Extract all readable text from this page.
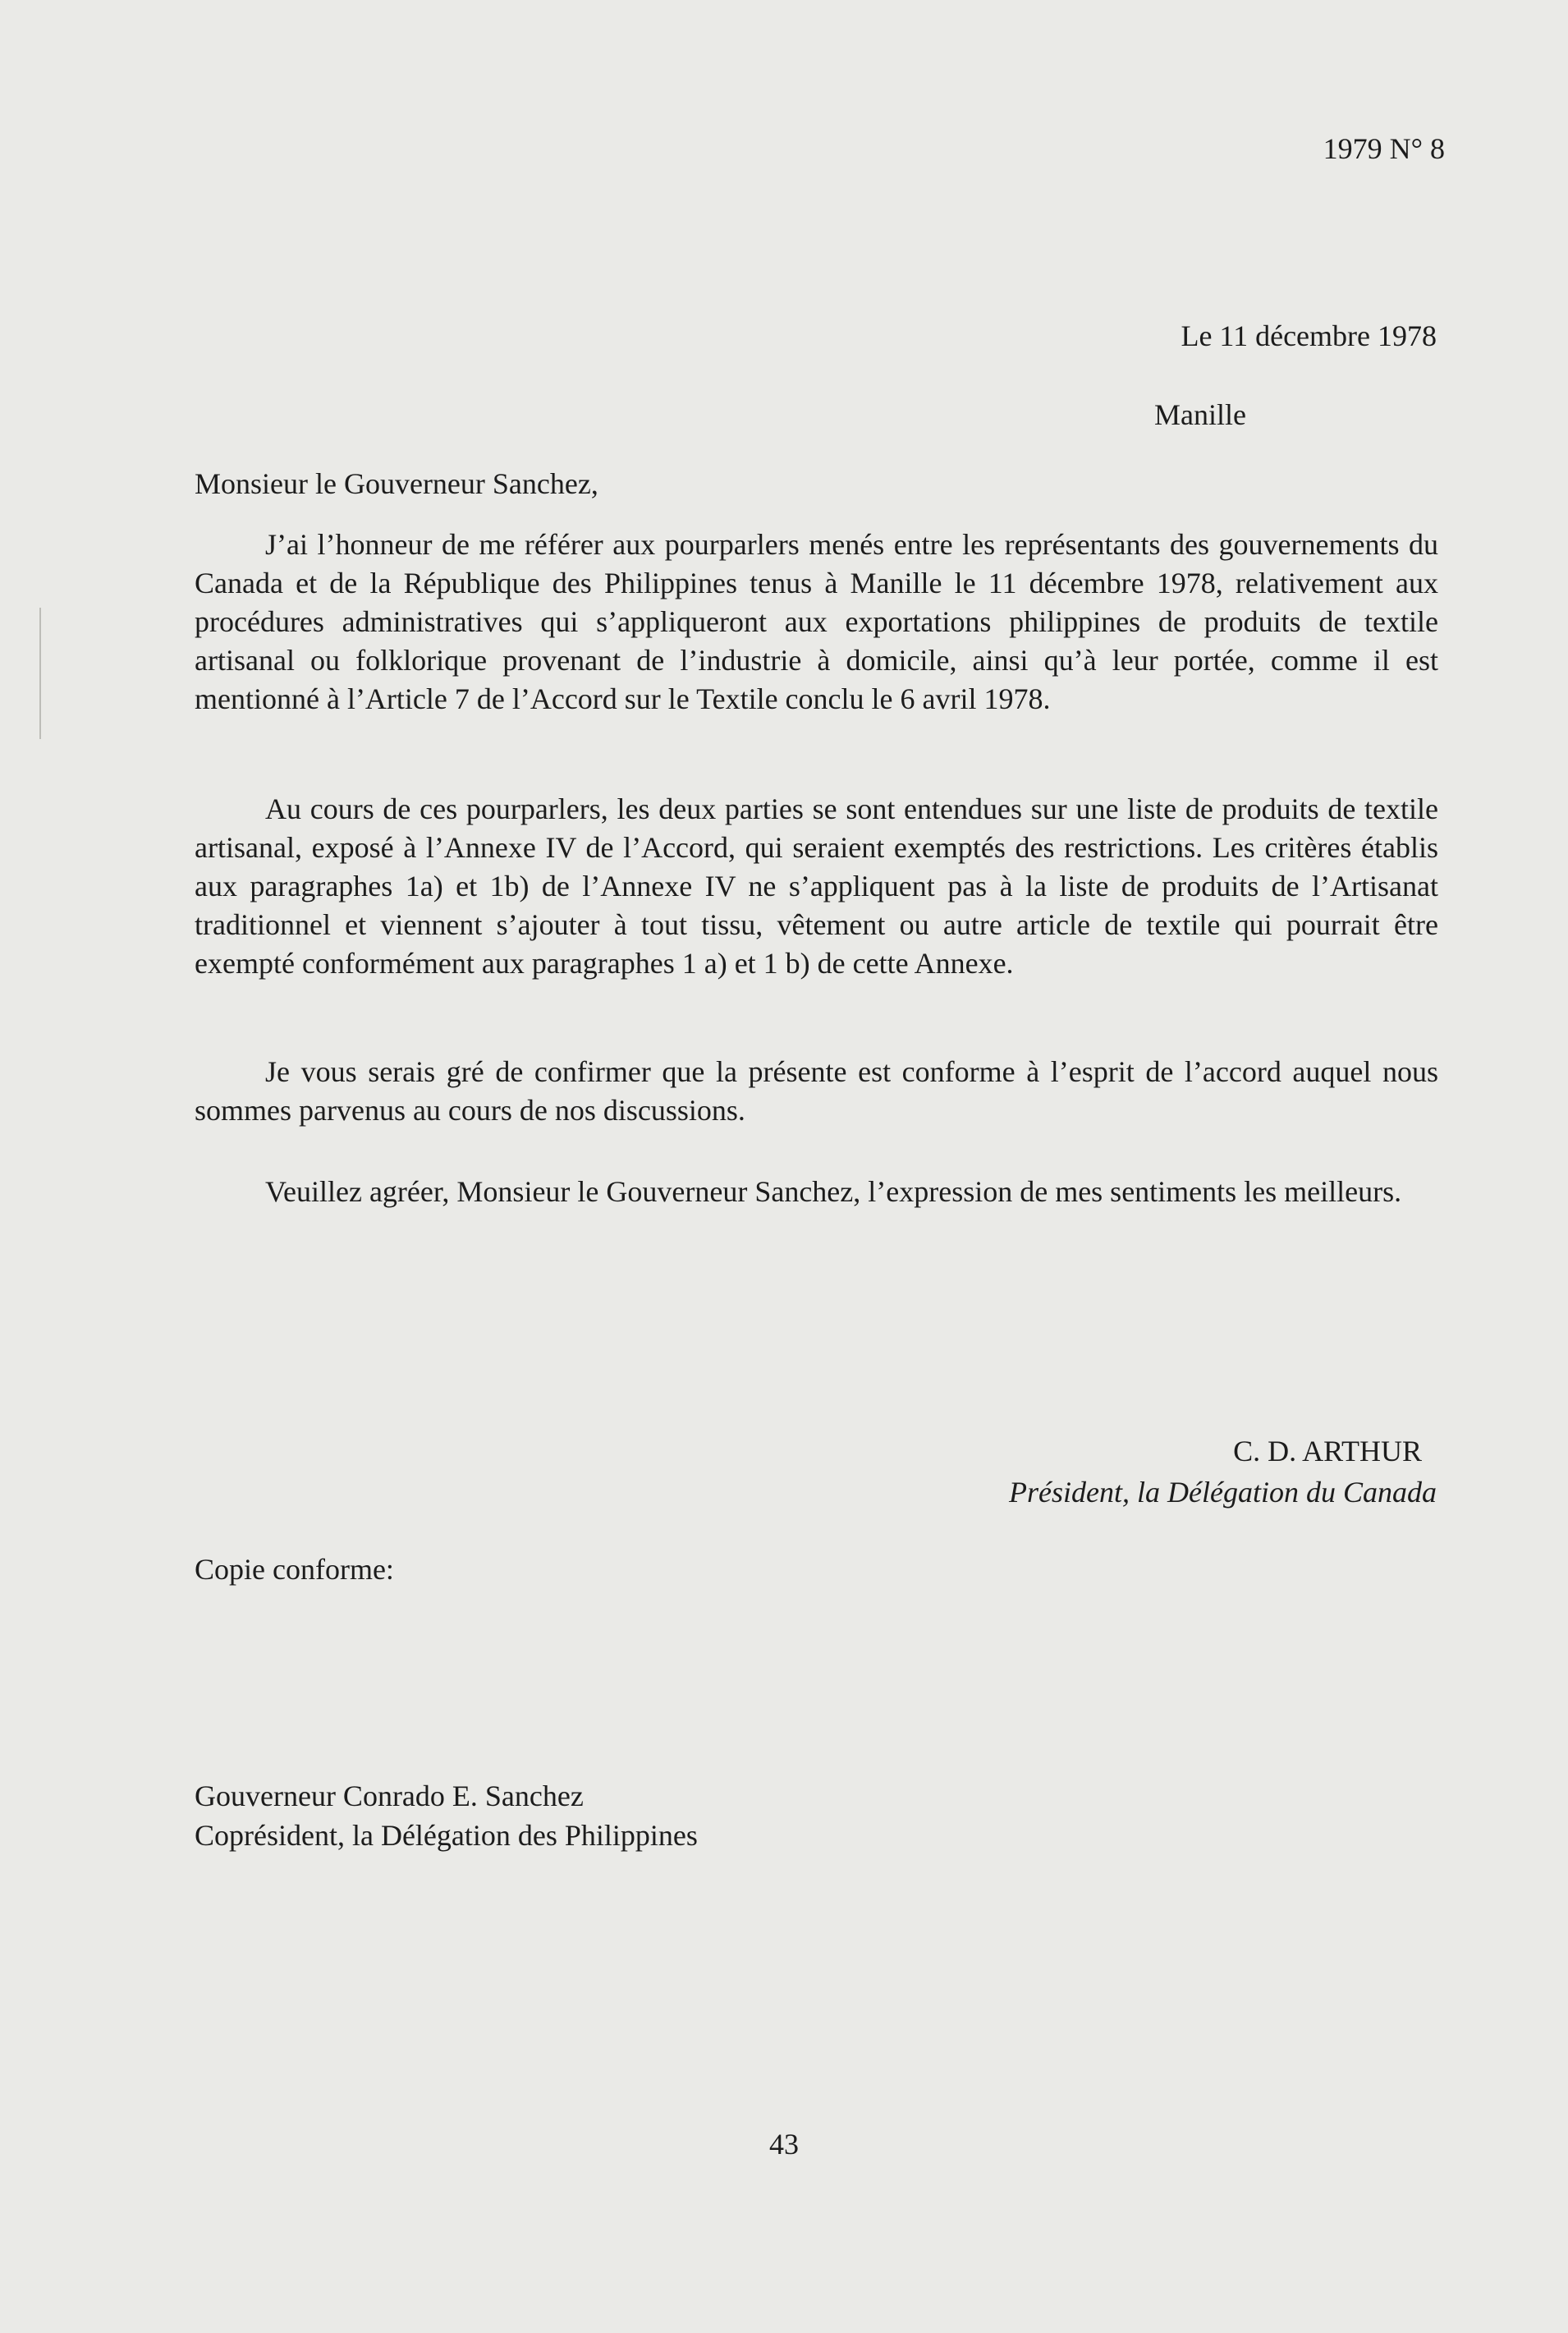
1979 N° 8
Le 11 décembre 1978
Manille
Monsieur le Gouverneur Sanchez,

J’ai l’honneur de me référer aux pourparlers menés entre les représentants des gouvernements du Canada et de la République des Philippines tenus à Manille le 11 décembre 1978, relativement aux procédures administratives qui s’appliqueront aux exportations philippines de produits de textile artisanal ou folklorique provenant de l’industrie à domicile, ainsi qu’à leur portée, comme il est mentionné à l’Article 7 de l’Accord sur le Textile conclu le 6 avril 1978.

Au cours de ces pourparlers, les deux parties se sont entendues sur une liste de produits de textile artisanal, exposé à l’Annexe IV de l’Accord, qui seraient exemptés des restrictions. Les critères établis aux paragraphes 1a) et 1b) de l’Annexe IV ne s’appliquent pas à la liste de produits de l’Artisanat traditionnel et viennent s’ajouter à tout tissu, vêtement ou autre article de textile qui pourrait être exempté conformément aux paragraphes 1 a) et 1 b) de cette Annexe.

Je vous serais gré de confirmer que la présente est conforme à l’esprit de l’accord auquel nous sommes parvenus au cours de nos discussions.

Veuillez agréer, Monsieur le Gouverneur Sanchez, l’expression de mes sentiments les meilleurs.

C. D. ARTHUR
Président, la Délégation du Canada
Copie conforme:
Gouverneur Conrado E. Sanchez
Coprésident, la Délégation des Philippines
43
